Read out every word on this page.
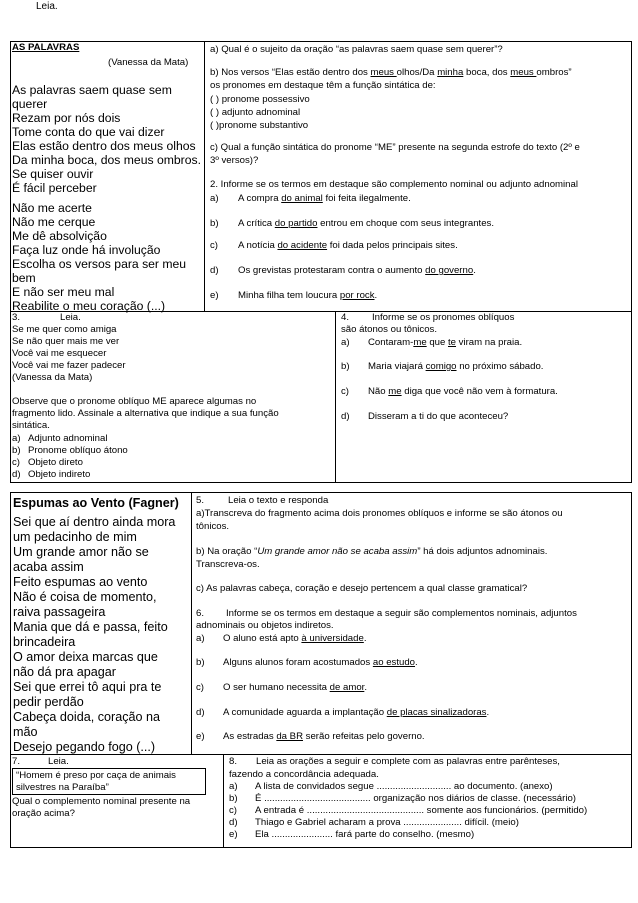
Leia.
AS PALAVRAS
(Vanessa da Mata)
As palavras saem quase sem
querer
Rezam por nós dois
Tome conta do que vai dizer
Elas estão dentro dos meus olhos
Da minha boca, dos meus ombros.
Se quiser ouvir
É fácil perceber
Não me acerte
Não me cerque
Me dê absolvição
Faça luz onde há involução
Escolha os versos para ser meu
bem
E não ser meu mal
Reabilite o meu coração (...)
a) Qual é o sujeito da oração “as palavras saem quase sem querer”?
b) Nos versos “Elas estão dentro dos meus olhos/Da minha boca, dos meus ombros”
os pronomes em destaque têm a função sintática de:
( ) pronome possessivo
( ) adjunto adnominal
( )pronome substantivo
c) Qual a função sintática do pronome “ME” presente na segunda estrofe do texto (2º e
3º versos)?
2. Informe se os termos em destaque são complemento nominal ou adjunto adnominal
a) A compra do animal foi feita ilegalmente.
b) A crítica do partido entrou em choque com seus integrantes.
c) A notícia do acidente foi dada pelos principais sites.
d) Os grevistas protestaram contra o aumento do governo.
e) Minha filha tem loucura por rock.
3.	Leia.
Se me quer como amiga
Se não quer mais me ver
Você vai me esquecer
Você vai me fazer padecer
(Vanessa da Mata)
Observe que o pronome oblíquo ME aparece algumas no
fragmento lido. Assinale a alternativa que indique a sua função
sintática.
a) Adjunto adnominal
b) Pronome oblíquo átono
c) Objeto direto
d) Objeto indireto
4. Informe se os pronomes oblíquos
são átonos ou tônicos.
a) Contaram-me que te viram na praia.
b) Maria viajará comigo no próximo sábado.
c) Não me diga que você não vem à formatura.
d) Disseram a ti do que aconteceu?
Espumas ao Vento (Fagner)
Sei que aí dentro ainda mora
um pedacinho de mim
Um grande amor não se
acaba assim
Feito espumas ao vento
Não é coisa de momento,
raiva passageira
Mania que dá e passa, feito
brincadeira
O amor deixa marcas que
não dá pra apagar
Sei que errei tô aqui pra te
pedir perdão
Cabeça doida, coração na
mão
Desejo pegando fogo (...)
5. Leia o texto e responda
a)Transcreva do fragmento acima dois pronomes oblíquos e informe se são átonos ou
tônicos.
b) Na oração “Um grande amor não se acaba assim” há dois adjuntos adnominais.
Transcreva-os.
c) As palavras cabeça, coração e desejo pertencem a qual classe gramatical?
6. Informe se os termos em destaque a seguir são complementos nominais, adjuntos
adnominais ou objetos indiretos.
a) O aluno está apto à universidade.
b) Alguns alunos foram acostumados ao estudo.
c) O ser humano necessita de amor.
d) A comunidade aguarda a implantação de placas sinalizadoras.
e) As estradas da BR serão refeitas pelo governo.
7.	Leia.
“Homem é preso por caça de animais
silvestres na Paraíba”
Qual o complemento nominal presente na
oração acima?
8. Leia as orações a seguir e complete com as palavras entre parênteses,
fazendo a concordância adequada.
a) A lista de convidados segue ............................ ao documento. (anexo)
b) É ........................................ organização nos diários de classe. (necessário)
c) A entrada é ............................................ somente aos funcionários. (permitido)
d) Thiago e Gabriel acharam a prova ...................... difícil. (meio)
e) Ela ....................... fará parte do conselho. (mesmo)
